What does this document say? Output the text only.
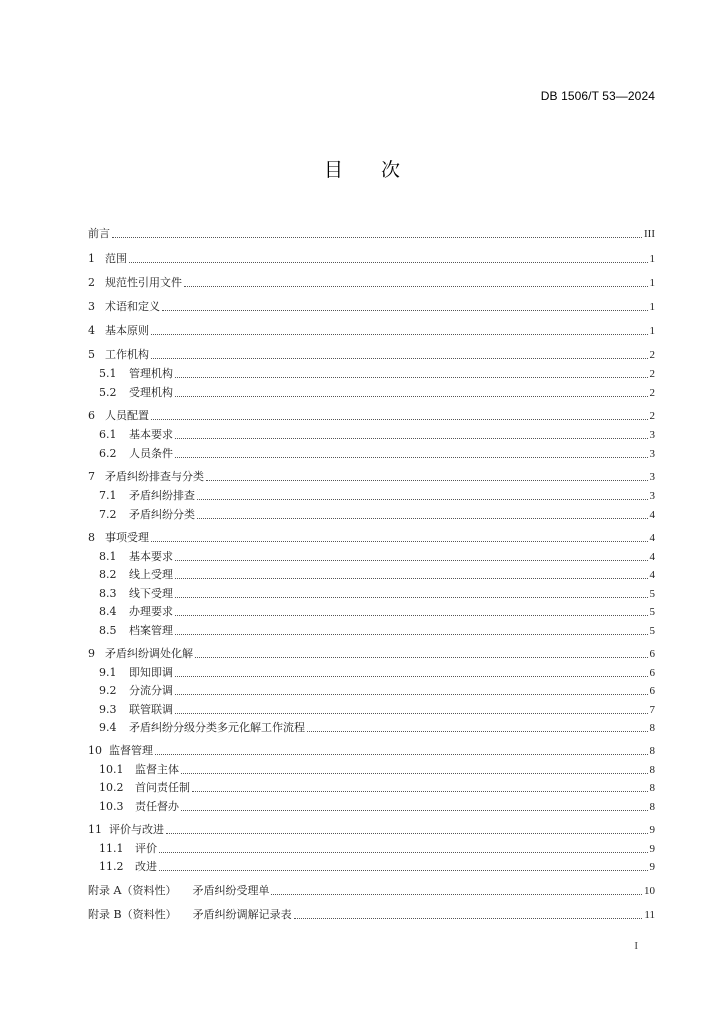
DB 1506/T 53—2024
目 次
前言	III
1 范围	1
2 规范性引用文件	1
3 术语和定义	1
4 基本原则	1
5 工作机构	2
5.1 管理机构	2
5.2 受理机构	2
6 人员配置	2
6.1 基本要求	3
6.2 人员条件	3
7 矛盾纠纷排查与分类	3
7.1 矛盾纠纷排查	3
7.2 矛盾纠纷分类	4
8 事项受理	4
8.1 基本要求	4
8.2 线上受理	4
8.3 线下受理	5
8.4 办理要求	5
8.5 档案管理	5
9 矛盾纠纷调处化解	6
9.1 即知即调	6
9.2 分流分调	6
9.3 联管联调	7
9.4 矛盾纠纷分级分类多元化解工作流程	8
10 监督管理	8
10.1 监督主体	8
10.2 首问责任制	8
10.3 责任督办	8
11 评价与改进	9
11.1 评价	9
11.2 改进	9
附录 A（资料性） 矛盾纠纷受理单	10
附录 B（资料性） 矛盾纠纷调解记录表	11
I
